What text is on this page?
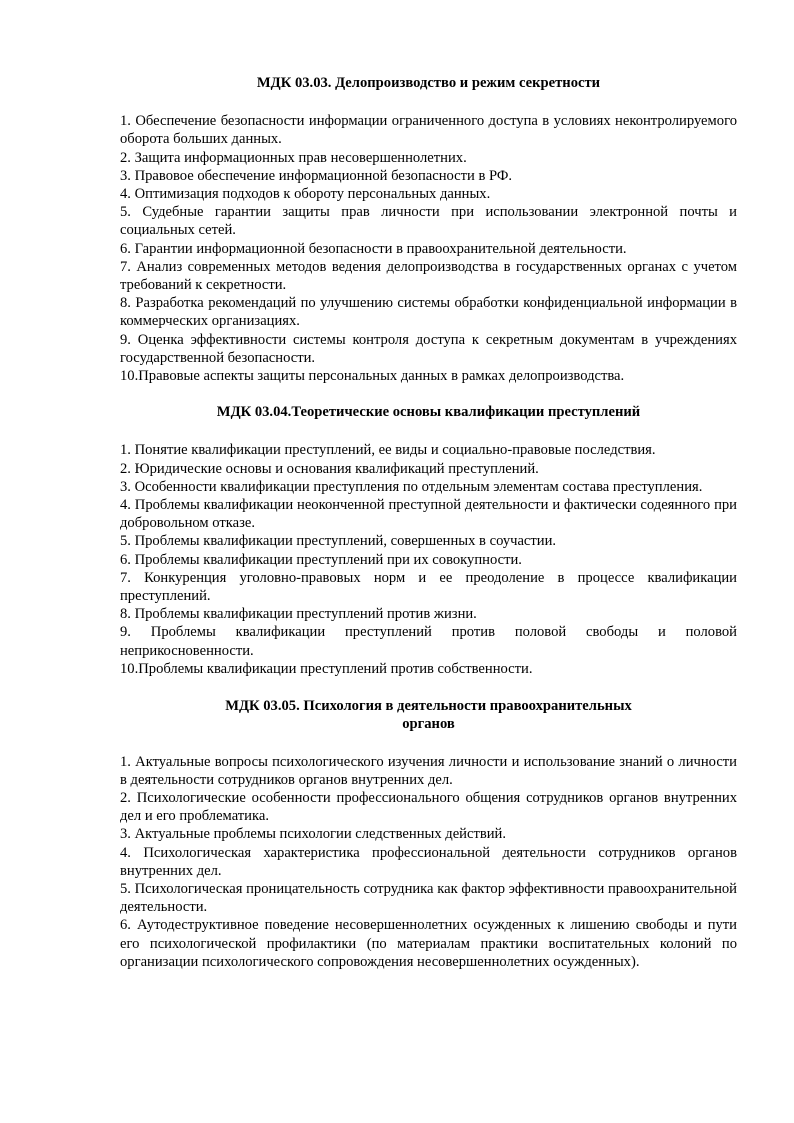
МДК 03.03. Делопроизводство и режим секретности

1. Обеспечение безопасности информации ограниченного доступа в условиях неконтролируемого оборота больших данных.
2. Защита информационных прав несовершеннолетних.
3. Правовое обеспечение информационной безопасности в РФ.
4. Оптимизация подходов к обороту персональных данных.
5. Судебные гарантии защиты прав личности при использовании электронной почты и социальных сетей.
6. Гарантии информационной безопасности в правоохранительной деятельности.
7. Анализ современных методов ведения делопроизводства в государственных органах с учетом требований к секретности.
8. Разработка рекомендаций по улучшению системы обработки конфиденциальной информации в коммерческих организациях.
9. Оценка эффективности системы контроля доступа к секретным документам в учреждениях государственной безопасности.
10.Правовые аспекты защиты персональных данных в рамках делопроизводства.

МДК 03.04.Теоретические основы квалификации преступлений

1. Понятие квалификации преступлений, ее виды и социально-правовые последствия.
2. Юридические основы и основания квалификаций преступлений.
3. Особенности квалификации преступления по отдельным элементам состава преступления.
4. Проблемы квалификации неоконченной преступной деятельности и фактически содеянного при добровольном отказе.
5. Проблемы квалификации преступлений, совершенных в соучастии.
6. Проблемы квалификации преступлений при их совокупности.
7. Конкуренция уголовно-правовых норм и ее преодоление в процессе квалификации преступлений.
8. Проблемы квалификации преступлений против жизни.
9. Проблемы квалификации преступлений против половой свободы и половой неприкосновенности.
10.Проблемы квалификации преступлений против собственности.

МДК 03.05. Психология в деятельности правоохранительных органов

1. Актуальные вопросы психологического изучения личности и использование знаний о личности в деятельности сотрудников органов внутренних дел.
2. Психологические особенности профессионального общения сотрудников органов внутренних дел и его проблематика.
3. Актуальные проблемы психологии следственных действий.
4. Психологическая характеристика профессиональной деятельности сотрудников органов внутренних дел.
5. Психологическая проницательность сотрудника как фактор эффективности правоохранительной деятельности.
6. Аутодеструктивное поведение несовершеннолетних осужденных к лишению свободы и пути его психологической профилактики (по материалам практики воспитательных колоний по организации психологического сопровождения несовершеннолетних осужденных).
